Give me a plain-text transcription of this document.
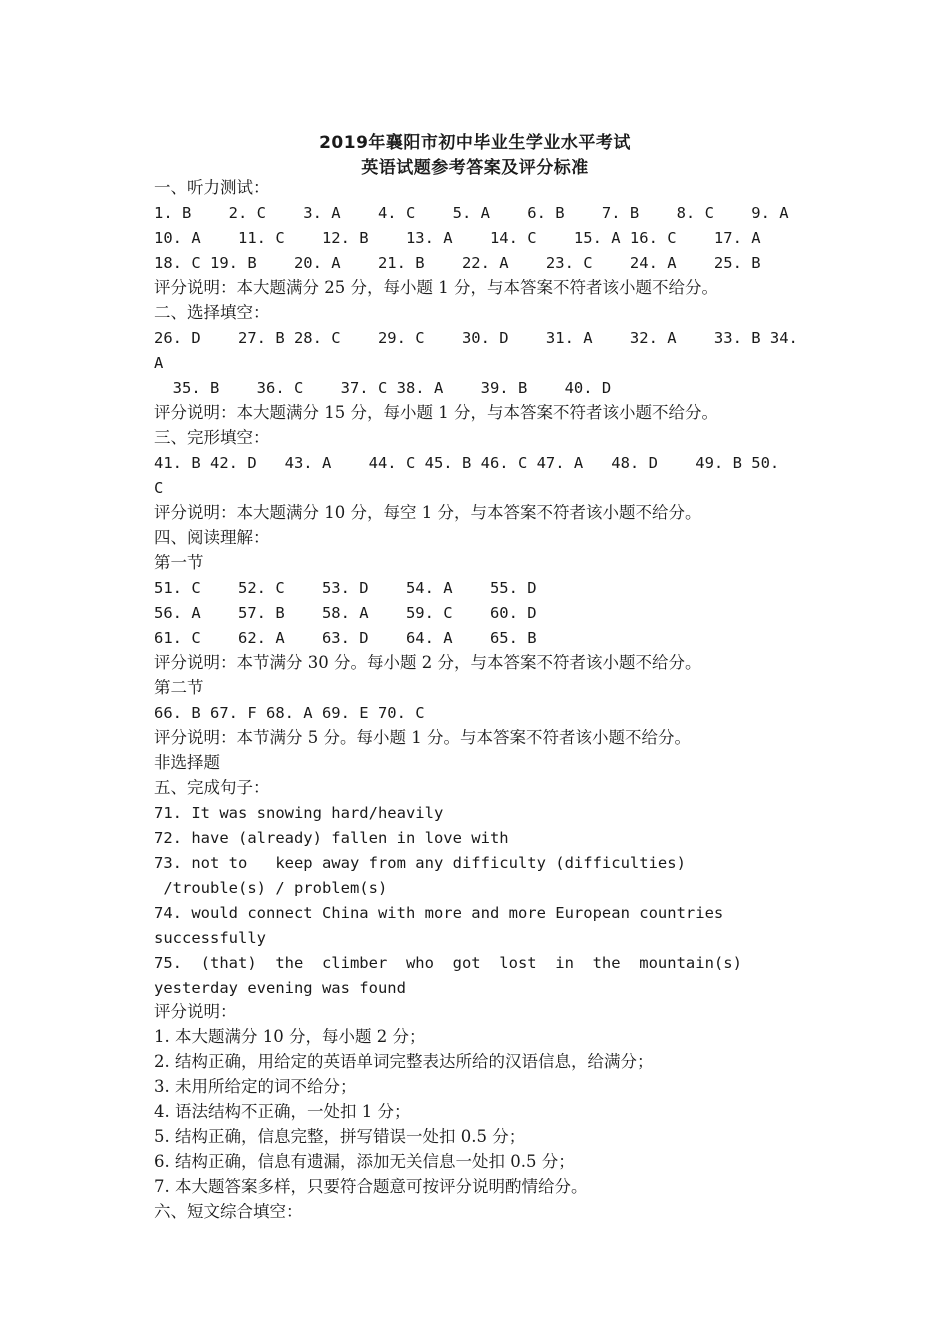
2019年襄阳市初中毕业生学业水平考试
英语试题参考答案及评分标准
一、听力测试：
1. B    2. C    3. A    4. C    5. A    6. B    7. B    8. C    9. A
10. A    11. C    12. B    13. A    14. C    15. A 16. C    17. A
18. C 19. B    20. A    21. B    22. A    23. C    24. A    25. B
评分说明：本大题满分 25 分，每小题 1 分，与本答案不符者该小题不给分。
二、选择填空：
26. D    27. B 28. C    29. C    30. D    31. A    32. A    33. B 34.
A
35. B    36. C    37. C 38. A    39. B    40. D
评分说明：本大题满分 15 分，每小题 1 分，与本答案不符者该小题不给分。
三、完形填空：
41. B 42. D   43. A    44. C 45. B 46. C 47. A   48. D    49. B 50.
C
评分说明：本大题满分 10 分，每空 1 分，与本答案不符者该小题不给分。
四、阅读理解：
第一节
51. C    52. C    53. D    54. A    55. D
56. A    57. B    58. A    59. C    60. D
61. C    62. A    63. D    64. A    65. B
评分说明：本节满分 30 分。每小题 2 分，与本答案不符者该小题不给分。
第二节
66. B 67. F 68. A 69. E 70. C
评分说明：本节满分 5 分。每小题 1 分。与本答案不符者该小题不给分。
非选择题
五、完成句子：
71. It was snowing hard/heavily
72. have (already) fallen in love with
73. not to   keep away from any difficulty (difficulties)
/trouble(s) / problem(s)
74. would connect China with more and more European countries
successfully
75.  (that)  the  climber  who  got  lost  in  the  mountain(s)
yesterday evening was found
评分说明：
1. 本大题满分 10 分，每小题 2 分；
2. 结构正确，用给定的英语单词完整表达所给的汉语信息，给满分；
3. 未用所给定的词不给分；
4. 语法结构不正确，一处扣 1 分；
5. 结构正确，信息完整，拼写错误一处扣 0.5 分；
6. 结构正确，信息有遗漏，添加无关信息一处扣 0.5 分；
7. 本大题答案多样，只要符合题意可按评分说明酌情给分。
六、短文综合填空：
